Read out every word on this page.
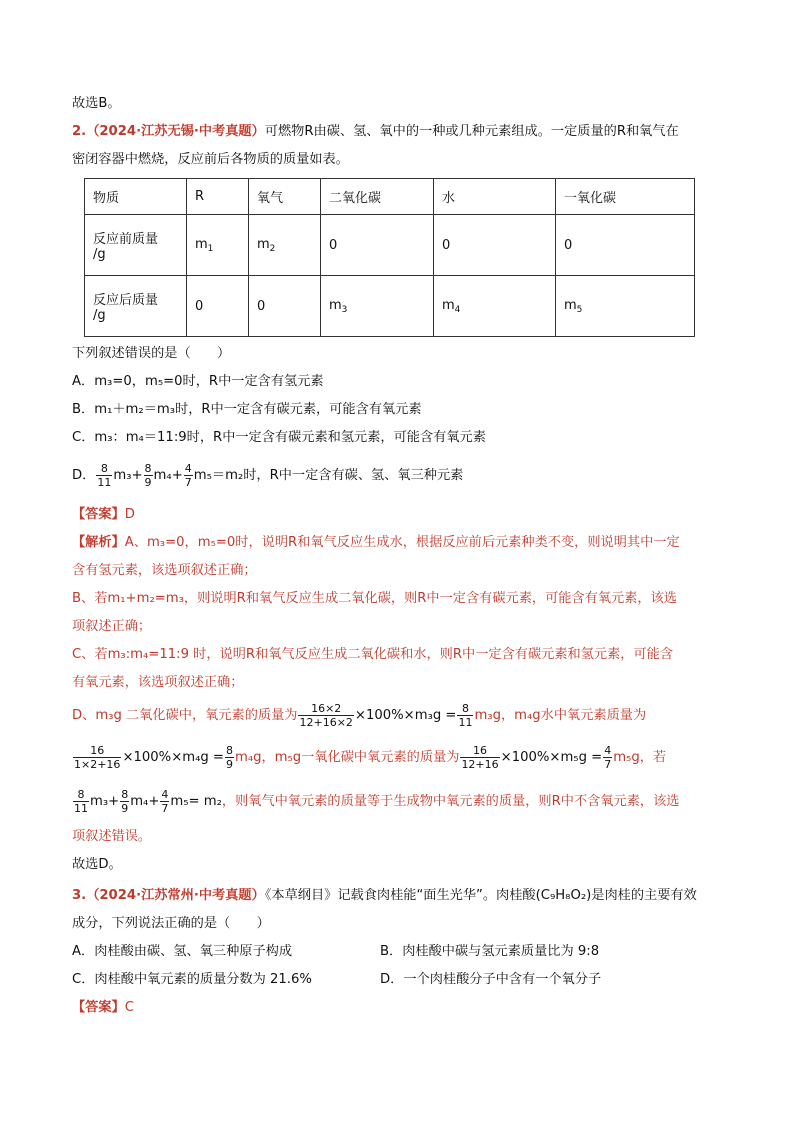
故选B。
2.（2024·江苏无锡·中考真题）可燃物R由碳、氢、氧中的一种或几种元素组成。一定质量的R和氧气在
密闭容器中燃烧，反应前后各物质的质量如表。
物质	R	氧气	二氧化碳	水	一氧化碳
反应前质量
/g	$m_1$	$m_2$	0	0	0
反应后质量
/g	0	0	$m_3$	$m_4$	$m_5$
下列叙述错误的是（　　）
A．m₃=0，m₅=0时，R中一定含有氢元素
B．m₁＋m₂＝m₃时，R中一定含有碳元素，可能含有氧元素
C．m₃：m₄＝11:9时，R中一定含有碳元素和氢元素，可能含有氧元素
D． $\frac{8}{11} m_3+ \frac{8}{9} m_4+ \frac{4}{7} m_5=m_2$时，R中一定含有碳、氢、氧三种元素
【答案】D
【解析】A、m₃=0，m₅=0时，说明R和氧气反应生成水，根据反应前后元素种类不变，则说明其中一定
含有氢元素，该选项叙述正确；
B、若m₁+m₂=m₃，则说明R和氧气反应生成二氧化碳，则R中一定含有碳元素，可能含有氧元素，该选
项叙述正确；
C、若m₃:m₄=11:9 时，说明R和氧气反应生成二氧化碳和水，则R中一定含有碳元素和氢元素，可能含
有氧元素，该选项叙述正确；
D、m₃g 二氧化碳中，氧元素的质量为 $\frac{16\times 2}{12+16\times 2} \times 100\%\times m_3g = \frac{8}{11} m_3g$，m₄g水中氧元素质量为
$\frac{16}{1\times 2+16} \times 100\%\times m_4g = \frac{8}{9} m_4g$，m₅g一氧化碳中氧元素的质量为 $\frac{16}{12+16} \times 100\%\times m_5g = \frac{4}{7} m_5g$，若
$\frac{8}{11} m_3+ \frac{8}{9} m_4+ \frac{4}{7} m_5= m_2$，则氧气中氧元素的质量等于生成物中氧元素的质量，则R中不含氧元素，该选
项叙述错误。
故选D。
3.（2024·江苏常州·中考真题）《本草纲目》记载食肉桂能“面生光华”。肉桂酸(C₉H₈O₂)是肉桂的主要有效
成分，下列说法正确的是（　　）
A．肉桂酸由碳、氢、氧三种原子构成	B．肉桂酸中碳与氢元素质量比为 9:8
C．肉桂酸中氧元素的质量分数为 21.6%	D．一个肉桂酸分子中含有一个氧分子
【答案】C
